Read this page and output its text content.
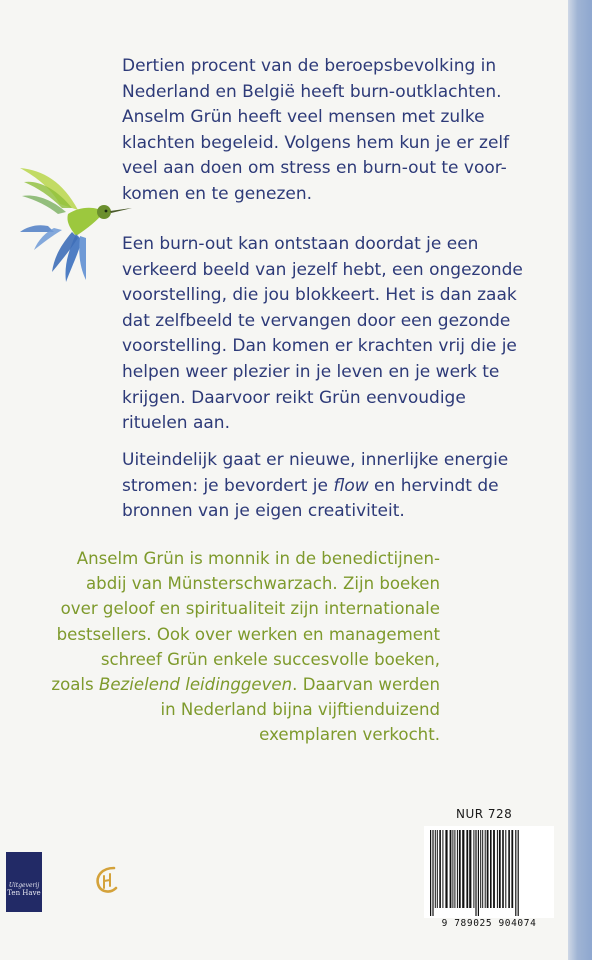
Dertien procent van de beroepsbevolking in
Nederland en België heeft burn-outklachten.
Anselm Grün heeft veel mensen met zulke
klachten begeleid. Volgens hem kun je er zelf
veel aan doen om stress en burn-out te voor-
komen en te genezen.

Een burn-out kan ontstaan doordat je een
verkeerd beeld van jezelf hebt, een ongezonde
voorstelling, die jou blokkeert. Het is dan zaak
dat zelfbeeld te vervangen door een gezonde
voorstelling. Dan komen er krachten vrij die je
helpen weer plezier in je leven en je werk te
krijgen. Daarvoor reikt Grün eenvoudige
rituelen aan.

Uiteindelijk gaat er nieuwe, innerlijke energie
stromen: je bevordert je flow en hervindt de
bronnen van je eigen creativiteit.

Anselm Grün is monnik in de benedictijnen-
abdij van Münsterschwarzach. Zijn boeken
over geloof en spiritualiteit zijn internationale
bestsellers. Ook over werken en management
schreef Grün enkele succesvolle boeken,
zoals Bezielend leidinggeven. Daarvan werden
in Nederland bijna vijftienduizend
exemplaren verkocht.

NUR 728
9 789025 904074
Uitgeverij
Ten Have
